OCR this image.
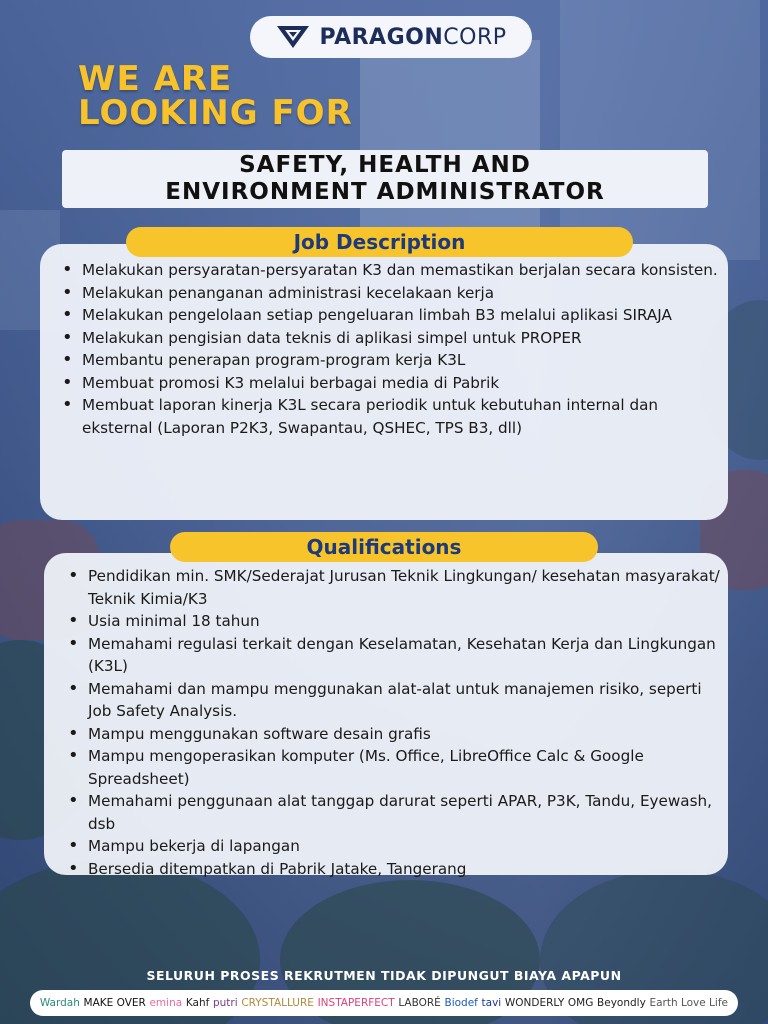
PARAGONCORP
WE ARE
LOOKING FOR
SAFETY, HEALTH AND
ENVIRONMENT ADMINISTRATOR
Job Description
• Melakukan persyaratan-persyaratan K3 dan memastikan berjalan secara konsisten.
• Melakukan penanganan administrasi kecelakaan kerja
• Melakukan pengelolaan setiap pengeluaran limbah B3 melalui aplikasi SIRAJA
• Melakukan pengisian data teknis di aplikasi simpel untuk PROPER
• Membantu penerapan program-program kerja K3L
• Membuat promosi K3 melalui berbagai media di Pabrik
• Membuat laporan kinerja K3L secara periodik untuk kebutuhan internal dan eksternal (Laporan P2K3, Swapantau, QSHEC, TPS B3, dll)
Qualifications
• Pendidikan min. SMK/Sederajat Jurusan Teknik Lingkungan/ kesehatan masyarakat/ Teknik Kimia/K3
• Usia minimal 18 tahun
• Memahami regulasi terkait dengan Keselamatan, Kesehatan Kerja dan Lingkungan (K3L)
• Memahami dan mampu menggunakan alat-alat untuk manajemen risiko, seperti Job Safety Analysis.
• Mampu menggunakan software desain grafis
• Mampu mengoperasikan komputer (Ms. Office, LibreOffice Calc & Google Spreadsheet)
• Memahami penggunaan alat tanggap darurat seperti APAR, P3K, Tandu, Eyewash, dsb
• Mampu bekerja di lapangan
• Bersedia ditempatkan di Pabrik Jatake, Tangerang
SELURUH PROSES REKRUTMEN TIDAK DIPUNGUT BIAYA APAPUN
Wardah MAKE OVER emina Kahf putri CRYSTALLURE INSTAPERFECT LABORÉ Biodef tavi WONDERLY OMG Beyondly Earth Love Life
